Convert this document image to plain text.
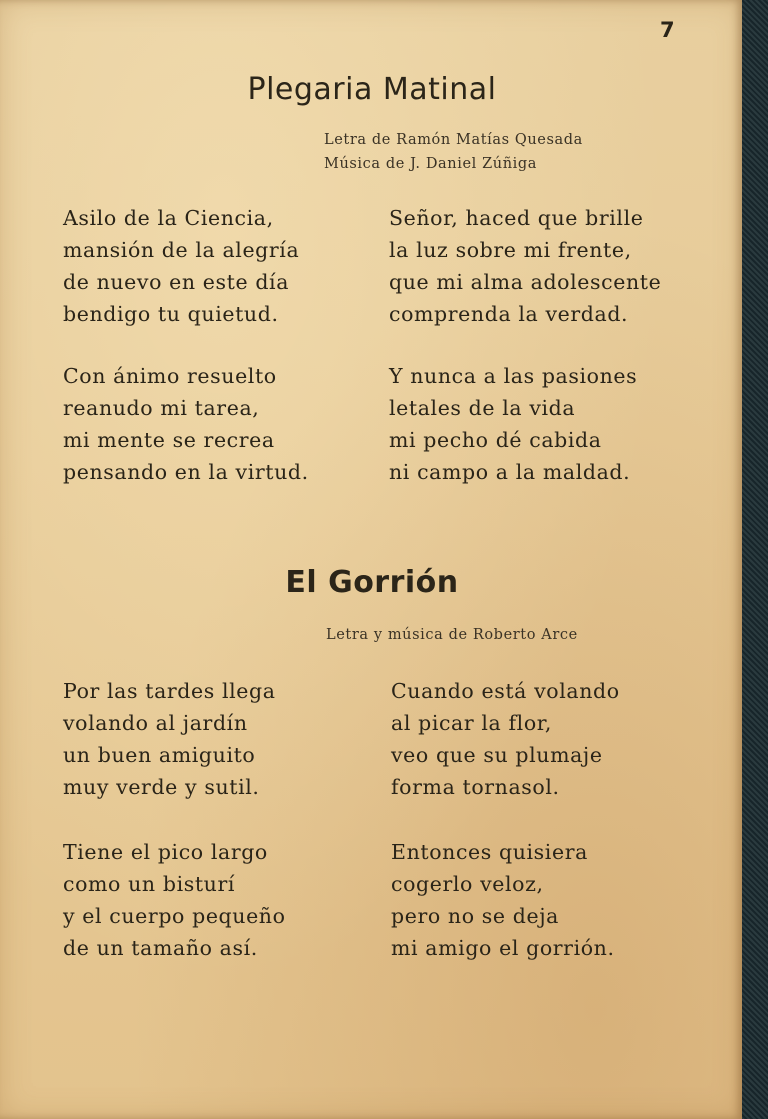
7
Plegaria Matinal
Letra de Ramón Matías Quesada
Música de J. Daniel Zúñiga
Asilo de la Ciencia,
mansión de la alegría
de nuevo en este día
bendigo tu quietud.
Señor, haced que brille
la luz sobre mi frente,
que mi alma adolescente
comprenda la verdad.
Con ánimo resuelto
reanudo mi tarea,
mi mente se recrea
pensando en la virtud.
Y nunca a las pasiones
letales de la vida
mi pecho dé cabida
ni campo a la maldad.
El Gorrión
Letra y música de Roberto Arce
Por las tardes llega
volando al jardín
un buen amiguito
muy verde y sutil.
Cuando está volando
al picar la flor,
veo que su plumaje
forma tornasol.
Tiene el pico largo
como un bisturí
y el cuerpo pequeño
de un tamaño así.
Entonces quisiera
cogerlo veloz,
pero no se deja
mi amigo el gorrión.
